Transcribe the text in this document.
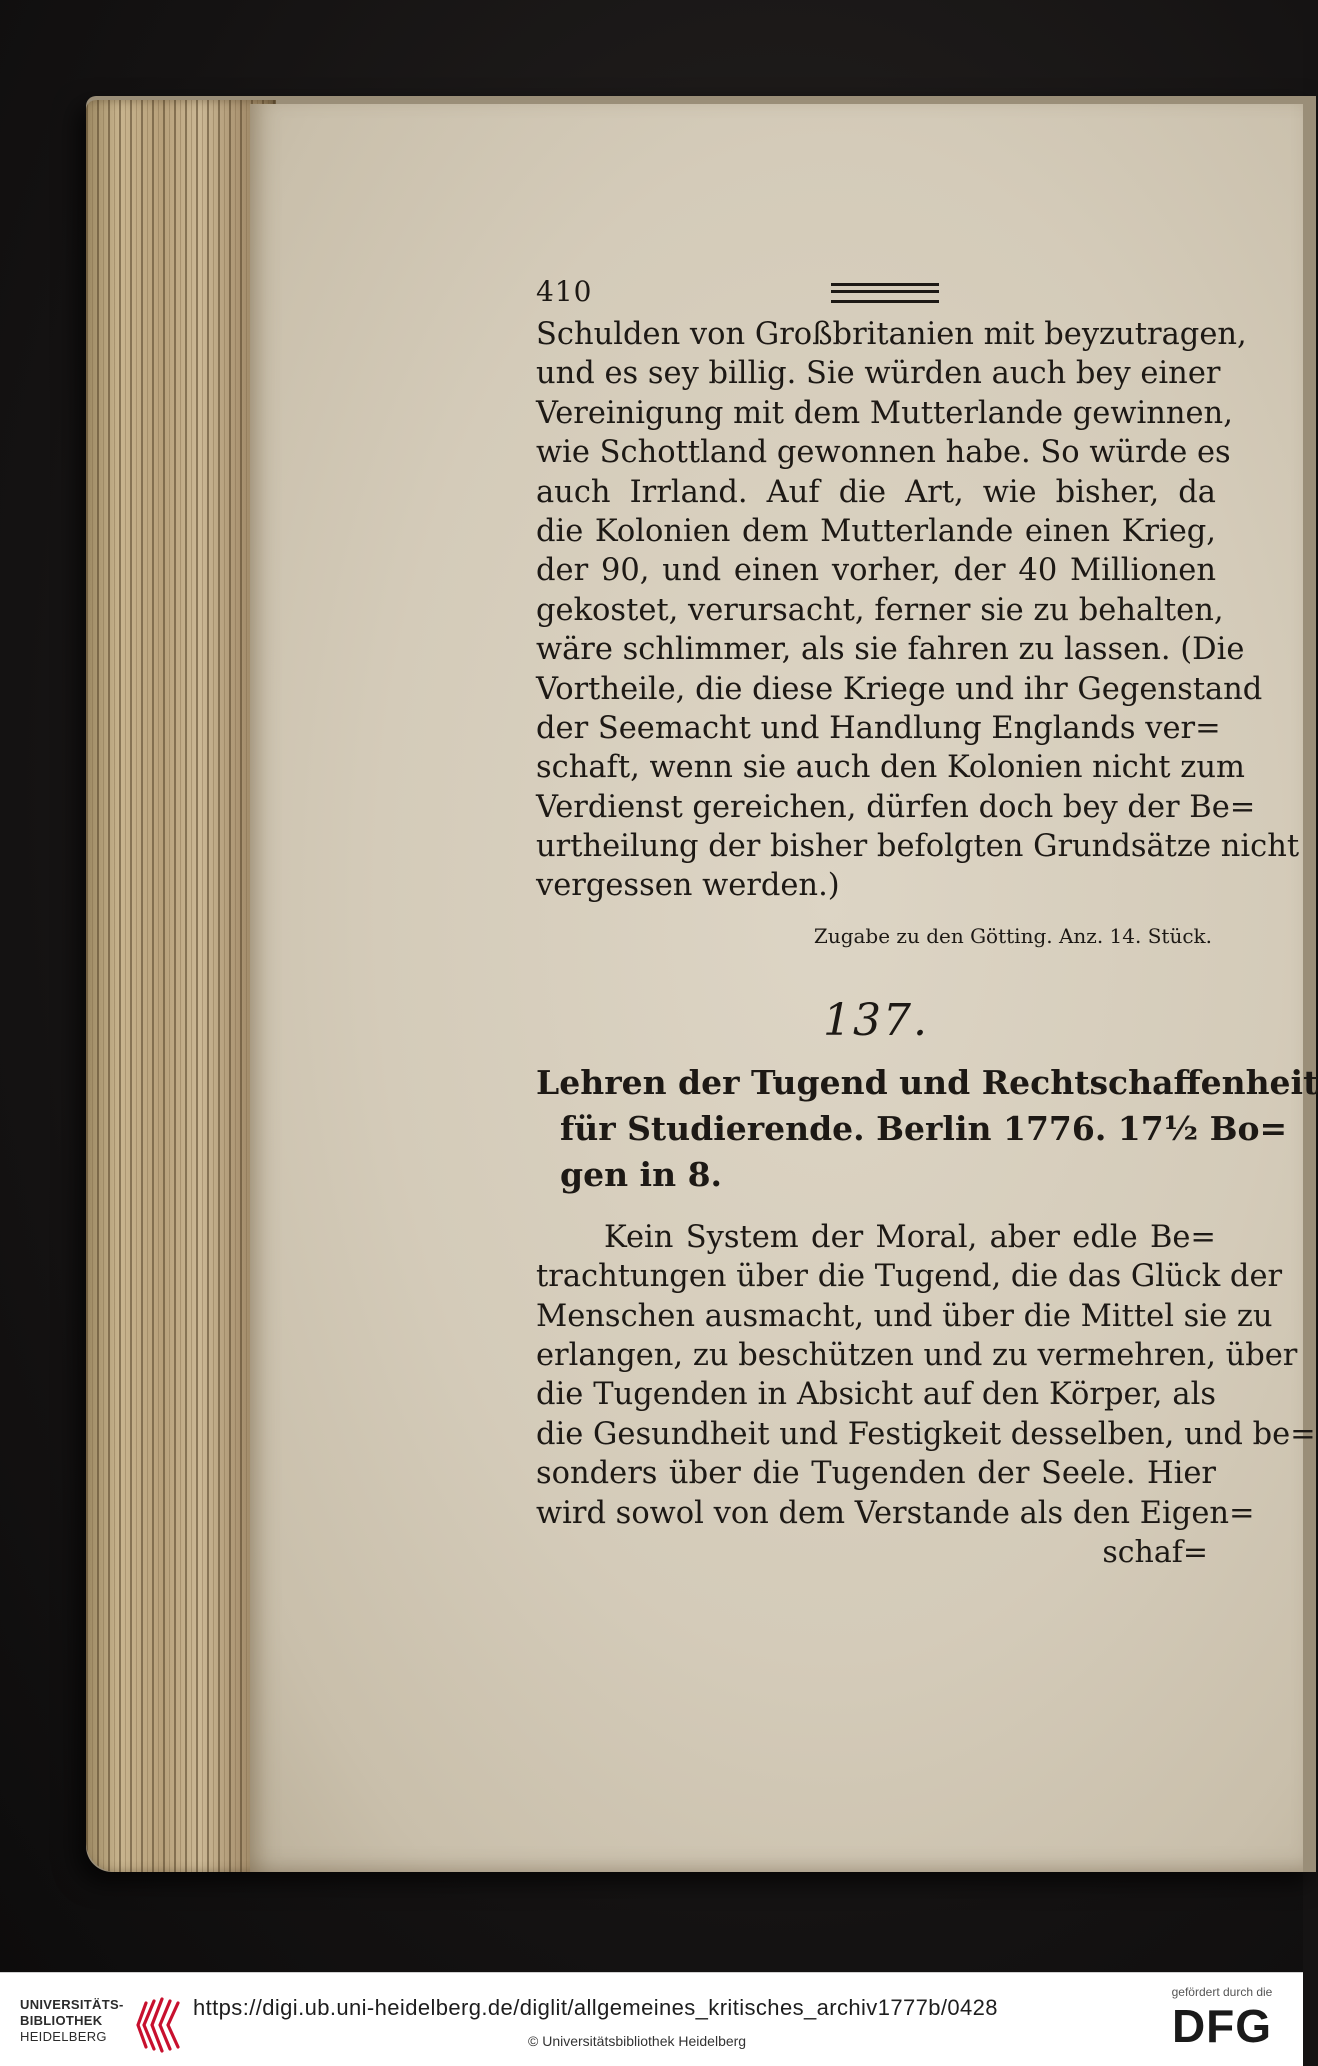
410
Schulden von Großbritanien mit beyzutragen,
und es sey billig. Sie würden auch bey einer
Vereinigung mit dem Mutterlande gewinnen,
wie Schottland gewonnen habe. So würde es
auch Irrland. Auf die Art, wie bisher, da
die Kolonien dem Mutterlande einen Krieg,
der 90, und einen vorher, der 40 Millionen
gekostet, verursacht, ferner sie zu behalten,
wäre schlimmer, als sie fahren zu lassen. (Die
Vortheile, die diese Kriege und ihr Gegenstand
der Seemacht und Handlung Englands ver=
schaft, wenn sie auch den Kolonien nicht zum
Verdienst gereichen, dürfen doch bey der Be=
urtheilung der bisher befolgten Grundsätze nicht
vergessen werden.)
Zugabe zu den Götting. Anz. 14. Stück.
137.
Lehren der Tugend und Rechtschaffenheit
für Studierende. Berlin 1776. 17½ Bo=
gen in 8.
Kein System der Moral, aber edle Be=
trachtungen über die Tugend, die das Glück der
Menschen ausmacht, und über die Mittel sie zu
erlangen, zu beschützen und zu vermehren, über
die Tugenden in Absicht auf den Körper, als
die Gesundheit und Festigkeit desselben, und be=
sonders über die Tugenden der Seele. Hier
wird sowol von dem Verstande als den Eigen=
schaf=
UNIVERSITÄTS-
BIBLIOTHEK
HEIDELBERG
https://digi.ub.uni-heidelberg.de/diglit/allgemeines_kritisches_archiv1777b/0428
© Universitätsbibliothek Heidelberg
gefördert durch die
DFG
